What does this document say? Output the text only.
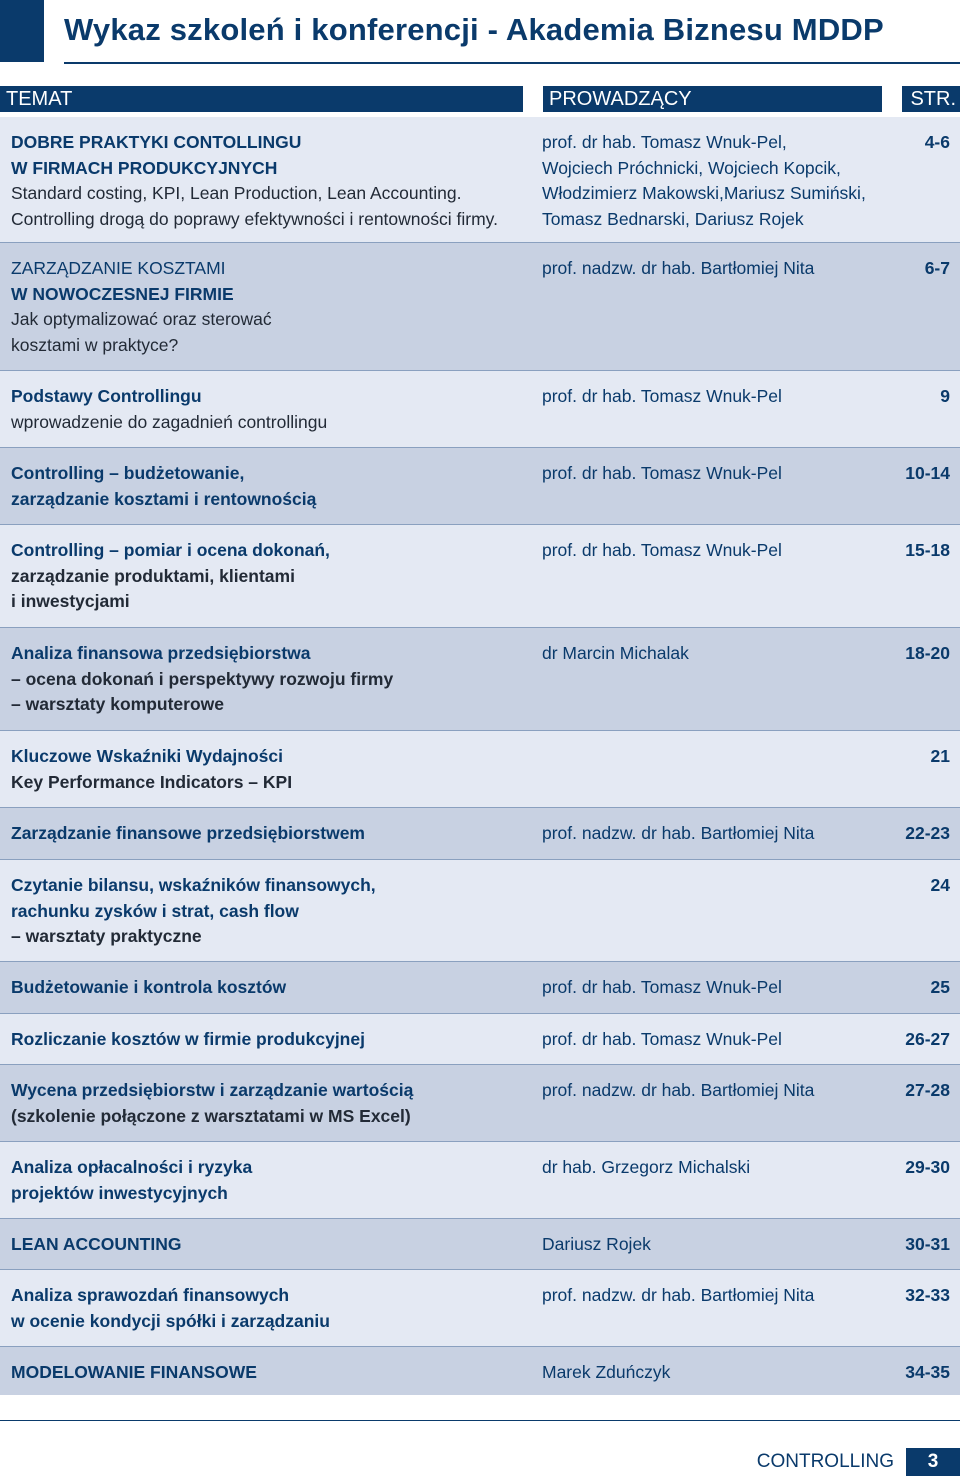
Wykaz szkoleń i konferencji - Akademia Biznesu MDDP
TEMAT	PROWADZĄCY	STR.
DOBRE PRAKTYKI CONTOLLINGU
W FIRMACH PRODUKCYJNYCH
Standard costing, KPI, Lean Production, Lean Accounting.
Controlling drogą do poprawy efektywności i rentowności firmy.
prof. dr hab. Tomasz Wnuk-Pel,
Wojciech Próchnicki, Wojciech Kopcik,
Włodzimierz Makowski,Mariusz Sumiński,
Tomasz Bednarski, Dariusz Rojek
4-6
ZARZĄDZANIE KOSZTAMI
W NOWOCZESNEJ FIRMIE
Jak optymalizować oraz sterować
kosztami w praktyce?
prof. nadzw. dr hab. Bartłomiej Nita	6-7
Podstawy Controllingu
wprowadzenie do zagadnień controllingu
prof. dr hab. Tomasz Wnuk-Pel	9
Controlling – budżetowanie,
zarządzanie kosztami i rentownością
prof. dr hab. Tomasz Wnuk-Pel	10-14
Controlling – pomiar i ocena dokonań,
zarządzanie produktami, klientami
i inwestycjami
prof. dr hab. Tomasz Wnuk-Pel	15-18
Analiza finansowa przedsiębiorstwa
– ocena dokonań i perspektywy rozwoju firmy
– warsztaty komputerowe
dr Marcin Michalak	18-20
Kluczowe Wskaźniki Wydajności
Key Performance Indicators – KPI
21
Zarządzanie finansowe przedsiębiorstwem	prof. nadzw. dr hab. Bartłomiej Nita	22-23
Czytanie bilansu, wskaźników finansowych,
rachunku zysków i strat, cash flow
– warsztaty praktyczne
24
Budżetowanie i kontrola kosztów	prof. dr hab. Tomasz Wnuk-Pel	25
Rozliczanie kosztów w firmie produkcyjnej	prof. dr hab. Tomasz Wnuk-Pel	26-27
Wycena przedsiębiorstw i zarządzanie wartością
(szkolenie połączone z warsztatami w MS Excel)
prof. nadzw. dr hab. Bartłomiej Nita	27-28
Analiza opłacalności i ryzyka
projektów inwestycyjnych
dr hab. Grzegorz Michalski	29-30
LEAN ACCOUNTING	Dariusz Rojek	30-31
Analiza sprawozdań finansowych
w ocenie kondycji spółki i zarządzaniu
prof. nadzw. dr hab. Bartłomiej Nita	32-33
MODELOWANIE FINANSOWE	Marek Zduńczyk	34-35
CONTROLLING	3
